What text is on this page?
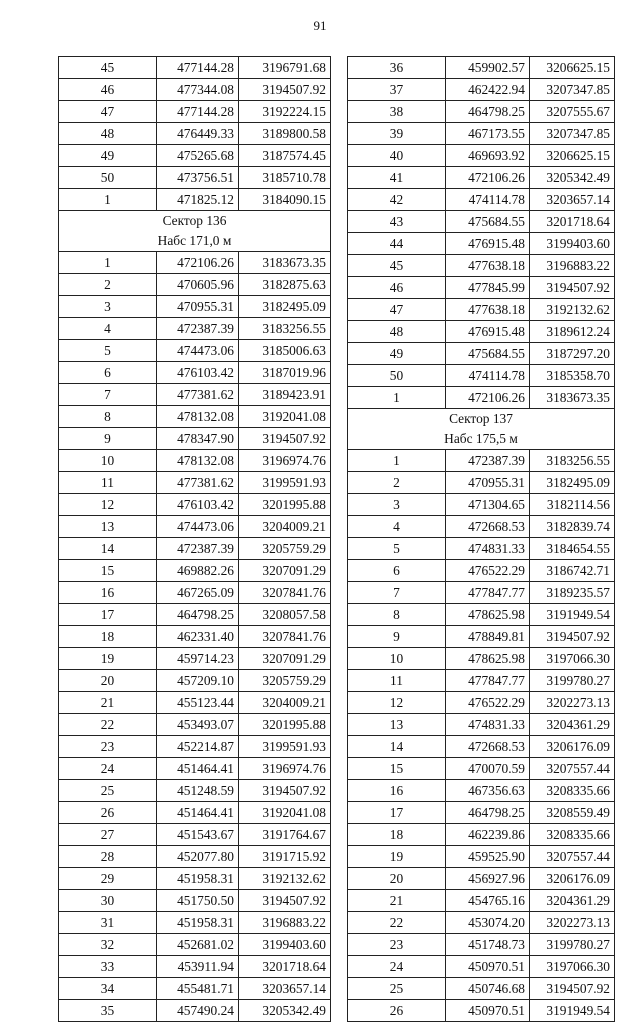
91
45	477144.28	3196791.68
46	477344.08	3194507.92
47	477144.28	3192224.15
48	476449.33	3189800.58
49	475265.68	3187574.45
50	473756.51	3185710.78
1	471825.12	3184090.15

Сектор 136
Набс 171,0 м		

1	472106.26	3183673.35
2	470605.96	3182875.63
3	470955.31	3182495.09
4	472387.39	3183256.55
5	474473.06	3185006.63
6	476103.42	3187019.96
7	477381.62	3189423.91
8	478132.08	3192041.08
9	478347.90	3194507.92
10	478132.08	3196974.76
11	477381.62	3199591.93
12	476103.42	3201995.88
13	474473.06	3204009.21
14	472387.39	3205759.29
15	469882.26	3207091.29
16	467265.09	3207841.76
17	464798.25	3208057.58
18	462331.40	3207841.76
19	459714.23	3207091.29
20	457209.10	3205759.29
21	455123.44	3204009.21
22	453493.07	3201995.88
23	452214.87	3199591.93
24	451464.41	3196974.76
25	451248.59	3194507.92
26	451464.41	3192041.08
27	451543.67	3191764.67
28	452077.80	3191715.92
29	451958.31	3192132.62
30	451750.50	3194507.92
31	451958.31	3196883.22
32	452681.02	3199403.60
33	453911.94	3201718.64
34	455481.71	3203657.14
35	457490.24	3205342.49
36	459902.57	3206625.15
37	462422.94	3207347.85
38	464798.25	3207555.67
39	467173.55	3207347.85
40	469693.92	3206625.15
41	472106.26	3205342.49
42	474114.78	3203657.14
43	475684.55	3201718.64
44	476915.48	3199403.60
45	477638.18	3196883.22
46	477845.99	3194507.92
47	477638.18	3192132.62
48	476915.48	3189612.24
49	475684.55	3187297.20
50	474114.78	3185358.70
1	472106.26	3183673.35

Сектор 137
Набс 175,5 м		

1	472387.39	3183256.55
2	470955.31	3182495.09
3	471304.65	3182114.56
4	472668.53	3182839.74
5	474831.33	3184654.55
6	476522.29	3186742.71
7	477847.77	3189235.57
8	478625.98	3191949.54
9	478849.81	3194507.92
10	478625.98	3197066.30
11	477847.77	3199780.27
12	476522.29	3202273.13
13	474831.33	3204361.29
14	472668.53	3206176.09
15	470070.59	3207557.44
16	467356.63	3208335.66
17	464798.25	3208559.49
18	462239.86	3208335.66
19	459525.90	3207557.44
20	456927.96	3206176.09
21	454765.16	3204361.29
22	453074.20	3202273.13
23	451748.73	3199780.27
24	450970.51	3197066.30
25	450746.68	3194507.92
26	450970.51	3191949.54
